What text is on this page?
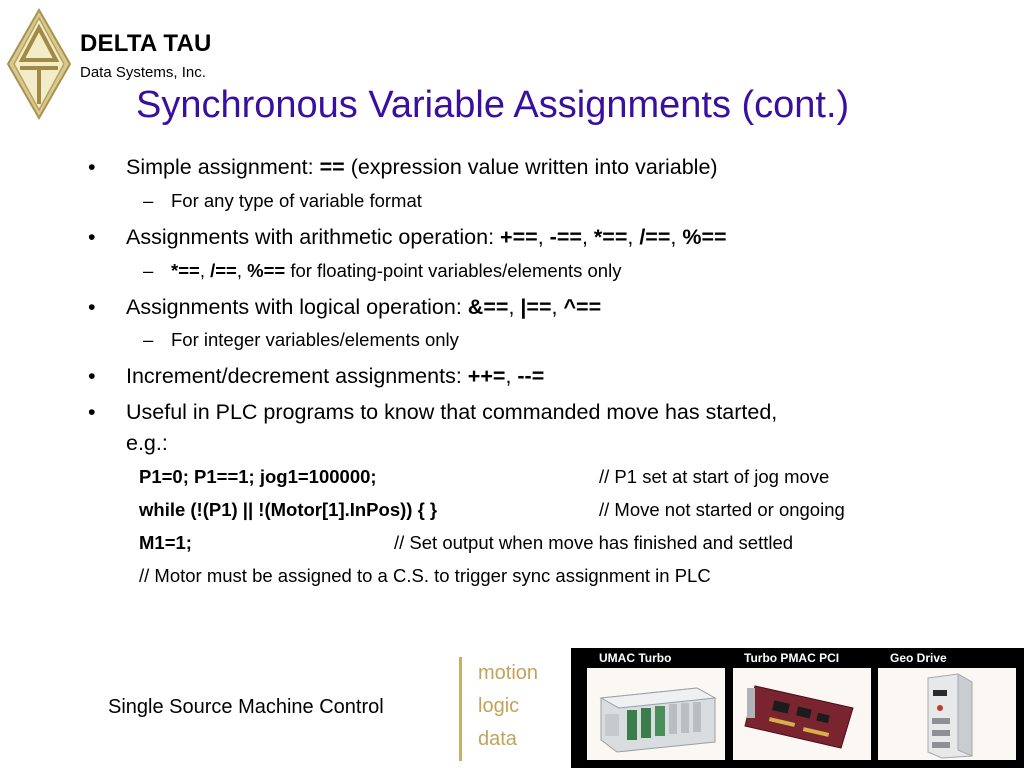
DELTA TAU
Data Systems, Inc.
Synchronous Variable Assignments (cont.)
• Simple assignment: == (expression value written into variable)
– For any type of variable format
• Assignments with arithmetic operation: +==, -==, *==, /==, %==
– *==, /==, %== for floating-point variables/elements only
• Assignments with logical operation: &==, |==, ^==
– For integer variables/elements only
• Increment/decrement assignments: ++=, --=
• Useful in PLC programs to know that commanded move has started,
e.g.:
P1=0; P1==1; jog1=100000;	// P1 set at start of jog move
while (!(P1) || !(Motor[1].InPos)) { }	// Move not started or ongoing
M1=1;	// Set output when move has finished and settled
// Motor must be assigned to a C.S. to trigger sync assignment in PLC
Single Source Machine Control
motion
logic
data
UMAC Turbo	Turbo PMAC PCI	Geo Drive
